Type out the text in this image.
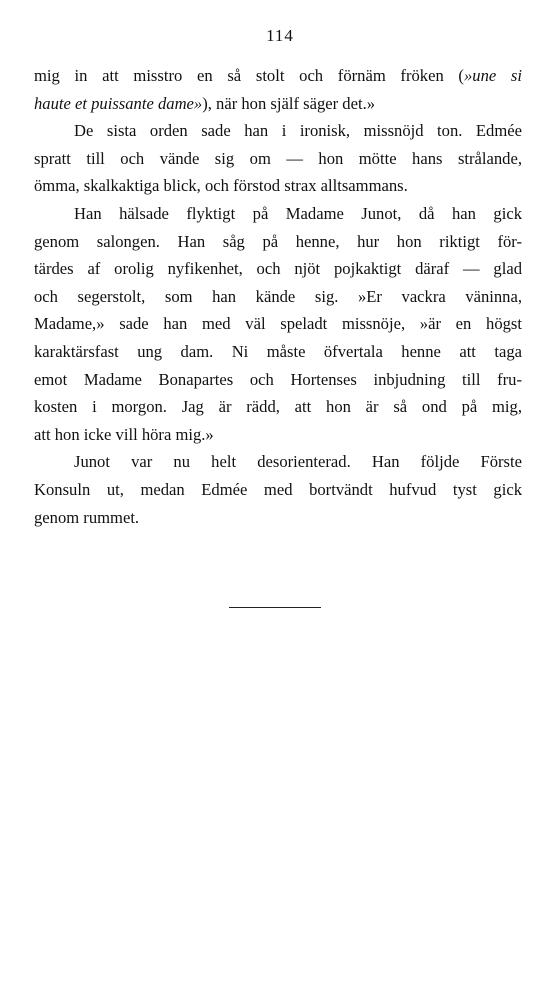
114
mig in att misstro en så stolt och förnäm fröken (»une si
haute et puissante dame»), när hon själf säger det.»
De sista orden sade han i ironisk, missnöjd ton. Edmée
spratt till och vände sig om — hon mötte hans strålande,
ömma, skalkaktiga blick, och förstod strax alltsammans.
Han hälsade flyktigt på Madame Junot, då han gick
genom salongen. Han såg på henne, hur hon riktigt för-
tärdes af orolig nyfikenhet, och njöt pojkaktigt däraf — glad
och segerstolt, som han kände sig. »Er vackra väninna,
Madame,» sade han med väl speladt missnöje, »är en högst
karaktärsfast ung dam. Ni måste öfvertala henne att taga
emot Madame Bonapartes och Hortenses inbjudning till fru-
kosten i morgon. Jag är rädd, att hon är så ond på mig,
att hon icke vill höra mig.»
Junot var nu helt desorienterad. Han följde Förste
Konsuln ut, medan Edmée med bortvändt hufvud tyst gick
genom rummet.
